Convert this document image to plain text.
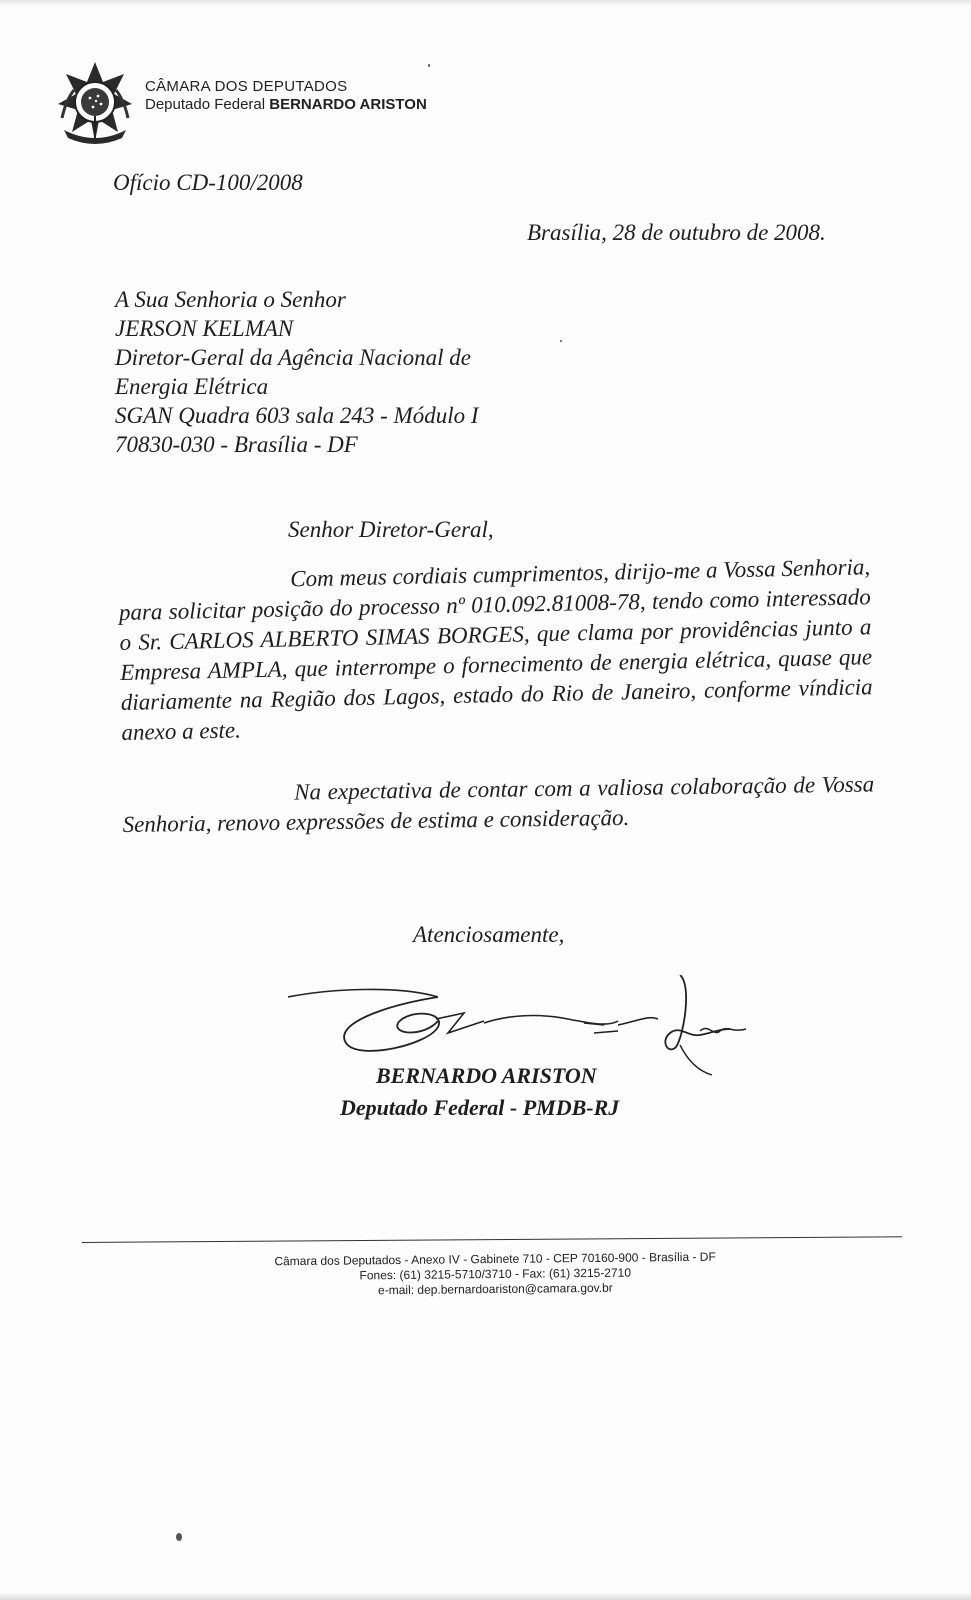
CÂMARA DOS DEPUTADOS
Deputado Federal BERNARDO ARISTON
Ofício CD-100/2008
Brasília, 28 de outubro de 2008.
A Sua Senhoria o Senhor
JERSON KELMAN
Diretor-Geral da Agência Nacional de
Energia Elétrica
SGAN Quadra 603 sala 243 - Módulo I
70830-030 - Brasília - DF
Senhor Diretor-Geral,
Com meus cordiais cumprimentos, dirijo-me a Vossa Senhoria, para solicitar posição do processo nº 010.092.81008-78, tendo como interessado o Sr. CARLOS ALBERTO SIMAS BORGES, que clama por providências junto a Empresa AMPLA, que interrompe o fornecimento de energia elétrica, quase que diariamente na Região dos Lagos, estado do Rio de Janeiro, conforme víndicia anexo a este.
Na expectativa de contar com a valiosa colaboração de Vossa Senhoria, renovo expressões de estima e consideração.
Atenciosamente,
BERNARDO ARISTON
Deputado Federal - PMDB-RJ
Câmara dos Deputados - Anexo IV - Gabinete 710 - CEP 70160-900 - Brasília - DF
Fones: (61) 3215-5710/3710 - Fax: (61) 3215-2710
e-mail: dep.bernardoariston@camara.gov.br
